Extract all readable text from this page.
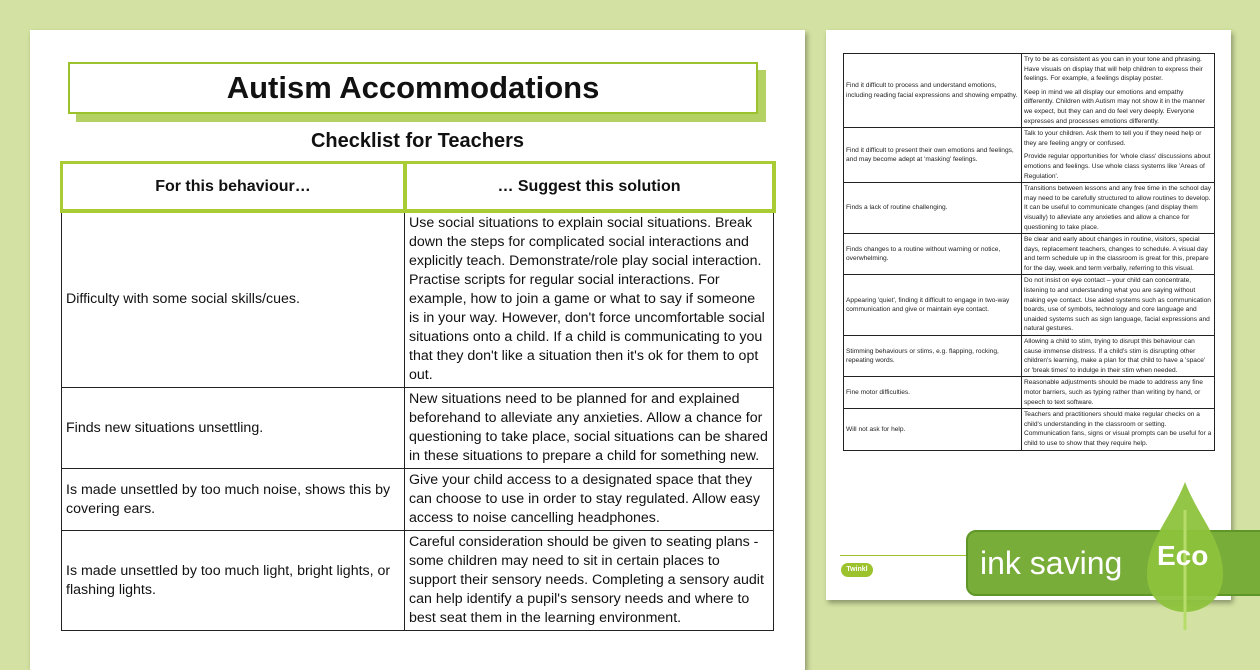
Autism Accommodations
Checklist for Teachers
For this behaviour…	… Suggest this solution
Difficulty with some social skills/cues.	Use social situations to explain social situations. Break down the steps for complicated social interactions and explicitly teach. Demonstrate/role play social interaction. Practise scripts for regular social interactions. For example, how to join a game or what to say if someone is in your way. However, don't force uncomfortable social situations onto a child. If a child is communicating to you that they don't like a situation then it's ok for them to opt out.
Finds new situations unsettling.	New situations need to be planned for and explained beforehand to alleviate any anxieties. Allow a chance for questioning to take place, social situations can be shared in these situations to prepare a child for something new.
Is made unsettled by too much noise, shows this by covering ears.	Give your child access to a designated space that they can choose to use in order to stay regulated. Allow easy access to noise cancelling headphones.
Is made unsettled by too much light, bright lights, or flashing lights.	Careful consideration should be given to seating plans - some children may need to sit in certain places to support their sensory needs. Completing a sensory audit can help identify a pupil's sensory needs and where to best seat them in the learning environment.
Find it difficult to process and understand emotions, including reading facial expressions and showing empathy.	Try to be as consistent as you can in your tone and phrasing. Have visuals on display that will help children to express their feelings. For example, a feelings display poster.

Keep in mind we all display our emotions and empathy differently. Children with Autism may not show it in the manner we expect, but they can and do feel very deeply. Everyone expresses and processes emotions differently.

Find it difficult to present their own emotions and feelings, and may become adept at 'masking' feelings.	Talk to your children. Ask them to tell you if they need help or they are feeling angry or confused.

Provide regular opportunities for 'whole class' discussions about emotions and feelings. Use whole class systems like 'Areas of Regulation'.

Finds a lack of routine challenging.	Transitions between lessons and any free time in the school day may need to be carefully structured to allow routines to develop. It can be useful to communicate changes (and display them visually) to alleviate any anxieties and allow a chance for questioning to take place.
Finds changes to a routine without warning or notice, overwhelming.	Be clear and early about changes in routine, visitors, special days, replacement teachers, changes to schedule. A visual day and term schedule up in the classroom is great for this, prepare for the day, week and term verbally, referring to this visual.
Appearing 'quiet', finding it difficult to engage in two-way communication and give or maintain eye contact.	Do not insist on eye contact – your child can concentrate, listening to and understanding what you are saying without making eye contact. Use aided systems such as communication boards, use of symbols, technology and core language and unaided systems such as sign language, facial expressions and natural gestures.
Stimming behaviours or stims, e.g. flapping, rocking, repeating words.	Allowing a child to stim, trying to disrupt this behaviour can cause immense distress. If a child's stim is disrupting other children's learning, make a plan for that child to have a 'space' or 'break times' to indulge in their stim when needed.
Fine motor difficulties.	Reasonable adjustments should be made to address any fine motor barriers, such as typing rather than writing by hand, or speech to text software.
Will not ask for help.	Teachers and practitioners should make regular checks on a child's understanding in the classroom or setting. Communication fans, signs or visual prompts can be useful for a child to use to show that they require help.
Twinkl	ink saving	Eco
